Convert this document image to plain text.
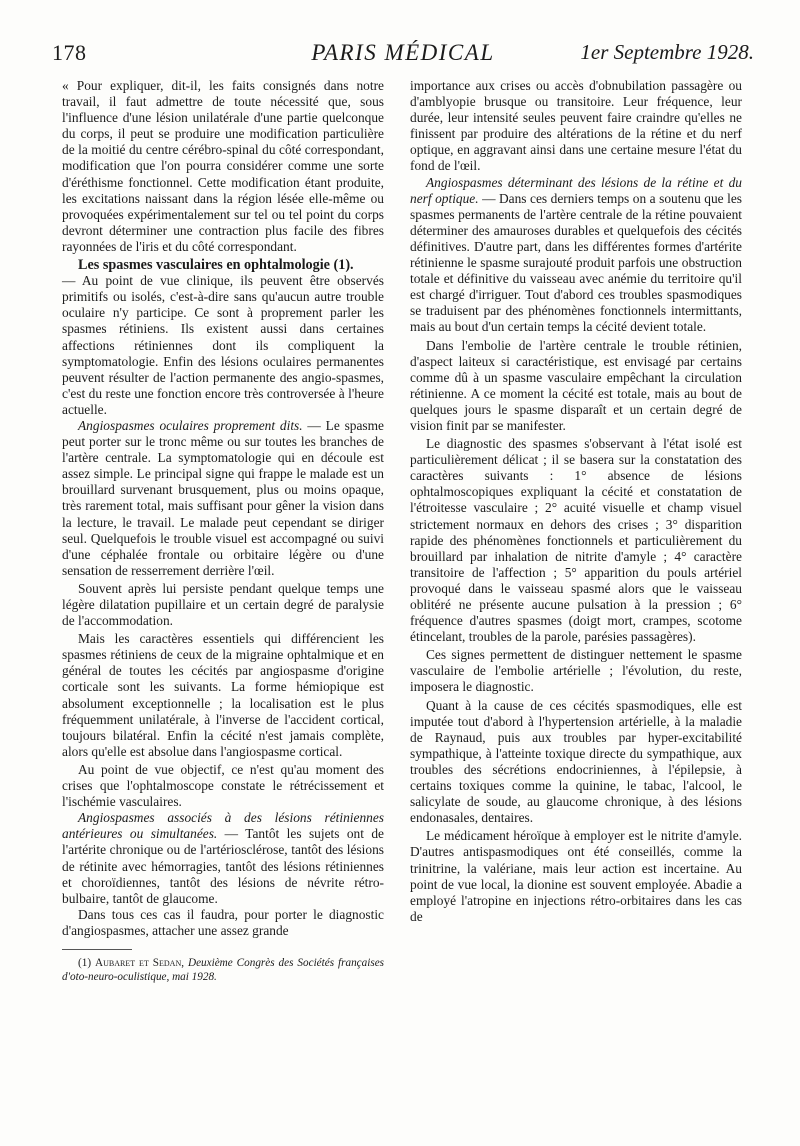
178	PARIS MÉDICAL	1er Septembre 1928.

« Pour expliquer, dit-il, les faits consignés dans notre travail, il faut admettre de toute nécessité que, sous l'influence d'une lésion unilatérale d'une partie quelconque du corps, il peut se produire une modification particulière de la moitié du centre cérébro-spinal du côté correspondant, modification que l'on pourra considérer comme une sorte d'éréthisme fonctionnel. Cette modification étant produite, les excitations naissant dans la région lésée elle-même ou provoquées expérimentalement sur tel ou tel point du corps devront déterminer une contraction plus facile des fibres rayonnées de l'iris et du côté correspondant.

Les spasmes vasculaires en ophtalmologie (1).

— Au point de vue clinique, ils peuvent être observés primitifs ou isolés, c'est-à-dire sans qu'aucun autre trouble oculaire n'y participe. Ce sont à proprement parler les spasmes rétiniens. Ils existent aussi dans certaines affections rétiniennes dont ils compliquent la symptomatologie. Enfin des lésions oculaires permanentes peuvent résulter de l'action permanente des angio-spasmes, c'est du reste une fonction encore très controversée à l'heure actuelle.

Angiospasmes oculaires proprement dits. — Le spasme peut porter sur le tronc même ou sur toutes les branches de l'artère centrale. La symptomatologie qui en découle est assez simple. Le principal signe qui frappe le malade est un brouillard survenant brusquement, plus ou moins opaque, très rarement total, mais suffisant pour gêner la vision dans la lecture, le travail. Le malade peut cependant se diriger seul. Quelquefois le trouble visuel est accompagné ou suivi d'une céphalée frontale ou orbitaire légère ou d'une sensation de resserrement derrière l'œil.

Souvent après lui persiste pendant quelque temps une légère dilatation pupillaire et un certain degré de paralysie de l'accommodation.

Mais les caractères essentiels qui différencient les spasmes rétiniens de ceux de la migraine ophtalmique et en général de toutes les cécités par angiospasme d'origine corticale sont les suivants. La forme hémiopique est absolument exceptionnelle ; la localisation est le plus fréquemment unilatérale, à l'inverse de l'accident cortical, toujours bilatéral. Enfin la cécité n'est jamais complète, alors qu'elle est absolue dans l'angiospasme cortical.

Au point de vue objectif, ce n'est qu'au moment des crises que l'ophtalmoscope constate le rétrécissement et l'ischémie vasculaires.

Angiospasmes associés à des lésions rétiniennes antérieures ou simultanées. — Tantôt les sujets ont de l'artérite chronique ou de l'artériosclérose, tantôt des lésions de rétinite avec hémorragies, tantôt des lésions rétiniennes et choroïdiennes, tantôt des lésions de névrite rétro-bulbaire, tantôt de glaucome.

Dans tous ces cas il faudra, pour porter le diagnostic d'angiospasmes, attacher une assez grande

(1) Aubaret et Sedan, Deuxième Congrès des Sociétés françaises d'oto-neuro-oculistique, mai 1928.

importance aux crises ou accès d'obnubilation passagère ou d'amblyopie brusque ou transitoire. Leur fréquence, leur durée, leur intensité seules peuvent faire craindre qu'elles ne finissent par produire des altérations de la rétine et du nerf optique, en aggravant ainsi dans une certaine mesure l'état du fond de l'œil.

Angiospasmes déterminant des lésions de la rétine et du nerf optique. — Dans ces derniers temps on a soutenu que les spasmes permanents de l'artère centrale de la rétine pouvaient déterminer des amauroses durables et quelquefois des cécités définitives. D'autre part, dans les différentes formes d'artérite rétinienne le spasme surajouté produit parfois une obstruction totale et définitive du vaisseau avec anémie du territoire qu'il est chargé d'irriguer. Tout d'abord ces troubles spasmodiques se traduisent par des phénomènes fonctionnels intermittants, mais au bout d'un certain temps la cécité devient totale.

Dans l'embolie de l'artère centrale le trouble rétinien, d'aspect laiteux si caractéristique, est envisagé par certains comme dû à un spasme vasculaire empêchant la circulation rétinienne. A ce moment la cécité est totale, mais au bout de quelques jours le spasme disparaît et un certain degré de vision finit par se manifester.

Le diagnostic des spasmes s'observant à l'état isolé est particulièrement délicat ; il se basera sur la constatation des caractères suivants : 1° absence de lésions ophtalmoscopiques expliquant la cécité et constatation de l'étroitesse vasculaire ; 2° acuité visuelle et champ visuel strictement normaux en dehors des crises ; 3° disparition rapide des phénomènes fonctionnels et particulièrement du brouillard par inhalation de nitrite d'amyle ; 4° caractère transitoire de l'affection ; 5° apparition du pouls artériel provoqué dans le vaisseau spasmé alors que le vaisseau oblitéré ne présente aucune pulsation à la pression ; 6° fréquence d'autres spasmes (doigt mort, crampes, scotome étincelant, troubles de la parole, parésies passagères).

Ces signes permettent de distinguer nettement le spasme vasculaire de l'embolie artérielle ; l'évolution, du reste, imposera le diagnostic.

Quant à la cause de ces cécités spasmodiques, elle est imputée tout d'abord à l'hypertension artérielle, à la maladie de Raynaud, puis aux troubles par hyper-excitabilité sympathique, à l'atteinte toxique directe du sympathique, aux troubles des sécrétions endocriniennes, à l'épilepsie, à certains toxiques comme la quinine, le tabac, l'alcool, le salicylate de soude, au glaucome chronique, à des lésions endonasales, dentaires.

Le médicament héroïque à employer est le nitrite d'amyle. D'autres antispasmodiques ont été conseillés, comme la trinitrine, la valériane, mais leur action est incertaine. Au point de vue local, la dionine est souvent employée. Abadie a employé l'atropine en injections rétro-orbitaires dans les cas de
